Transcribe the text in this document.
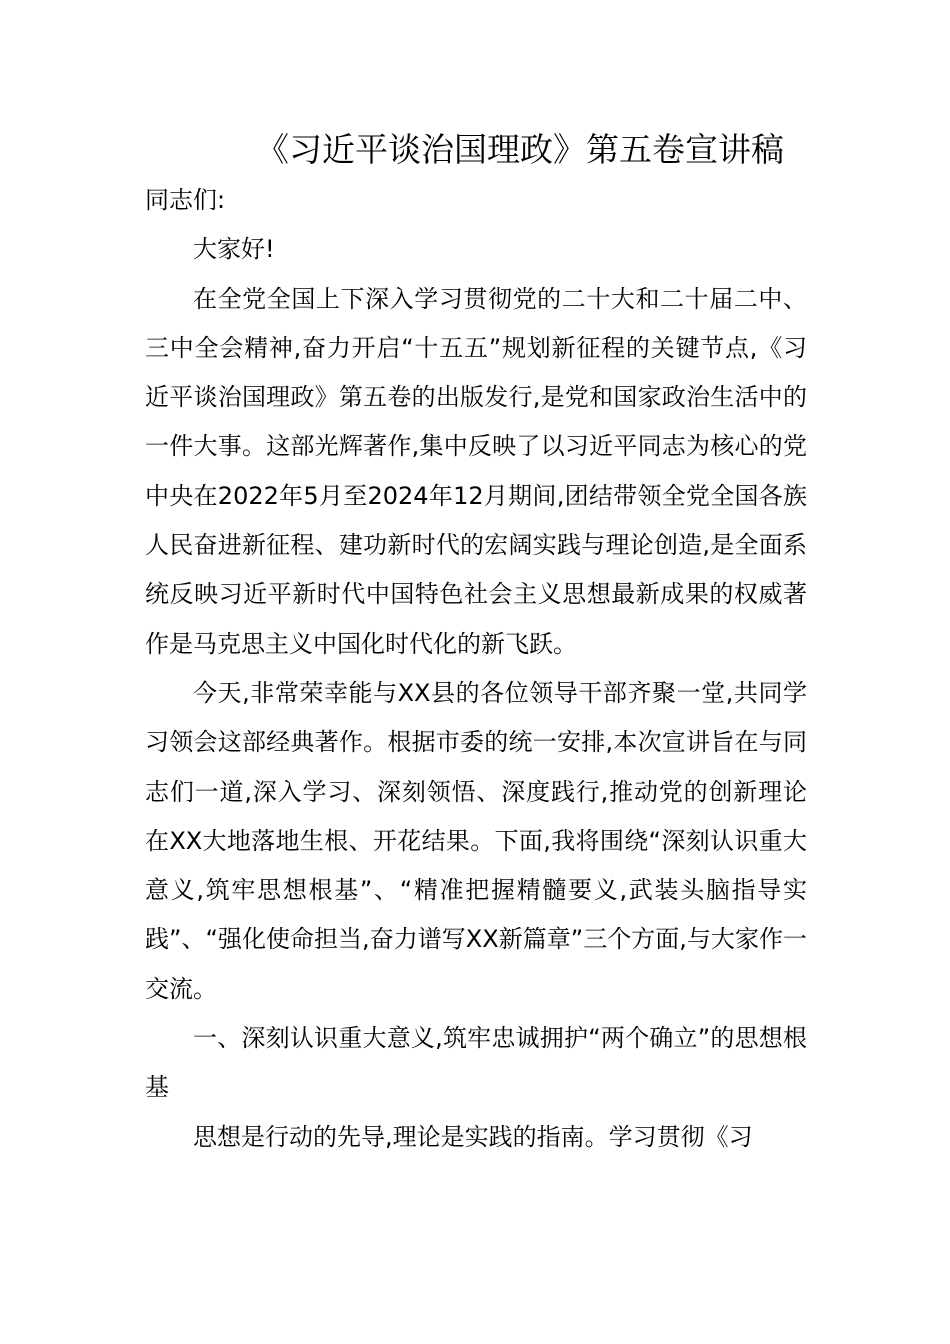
《习近平谈治国理政》第五卷宣讲稿

同志们:

大家好!

在全党全国上下深入学习贯彻党的二十大和二十届二中、三中全会精神,奋力开启“十五五”规划新征程的关键节点,《习近平谈治国理政》第五卷的出版发行,是党和国家政治生活中的一件大事。这部光辉著作,集中反映了以习近平同志为核心的党中央在2022年5月至2024年12月期间,团结带领全党全国各族人民奋进新征程、建功新时代的宏阔实践与理论创造,是全面系统反映习近平新时代中国特色社会主义思想最新成果的权威著作是马克思主义中国化时代化的新飞跃。

今天,非常荣幸能与XX县的各位领导干部齐聚一堂,共同学习领会这部经典著作。根据市委的统一安排,本次宣讲旨在与同志们一道,深入学习、深刻领悟、深度践行,推动党的创新理论在XX大地落地生根、开花结果。下面,我将围绕“深刻认识重大意义,筑牢思想根基”、“精准把握精髓要义,武装头脑指导实践”、“强化使命担当,奋力谱写XX新篇章”三个方面,与大家作一交流。

一、深刻认识重大意义,筑牢忠诚拥护“两个确立”的思想根基

思想是行动的先导,理论是实践的指南。学习贯彻《习
